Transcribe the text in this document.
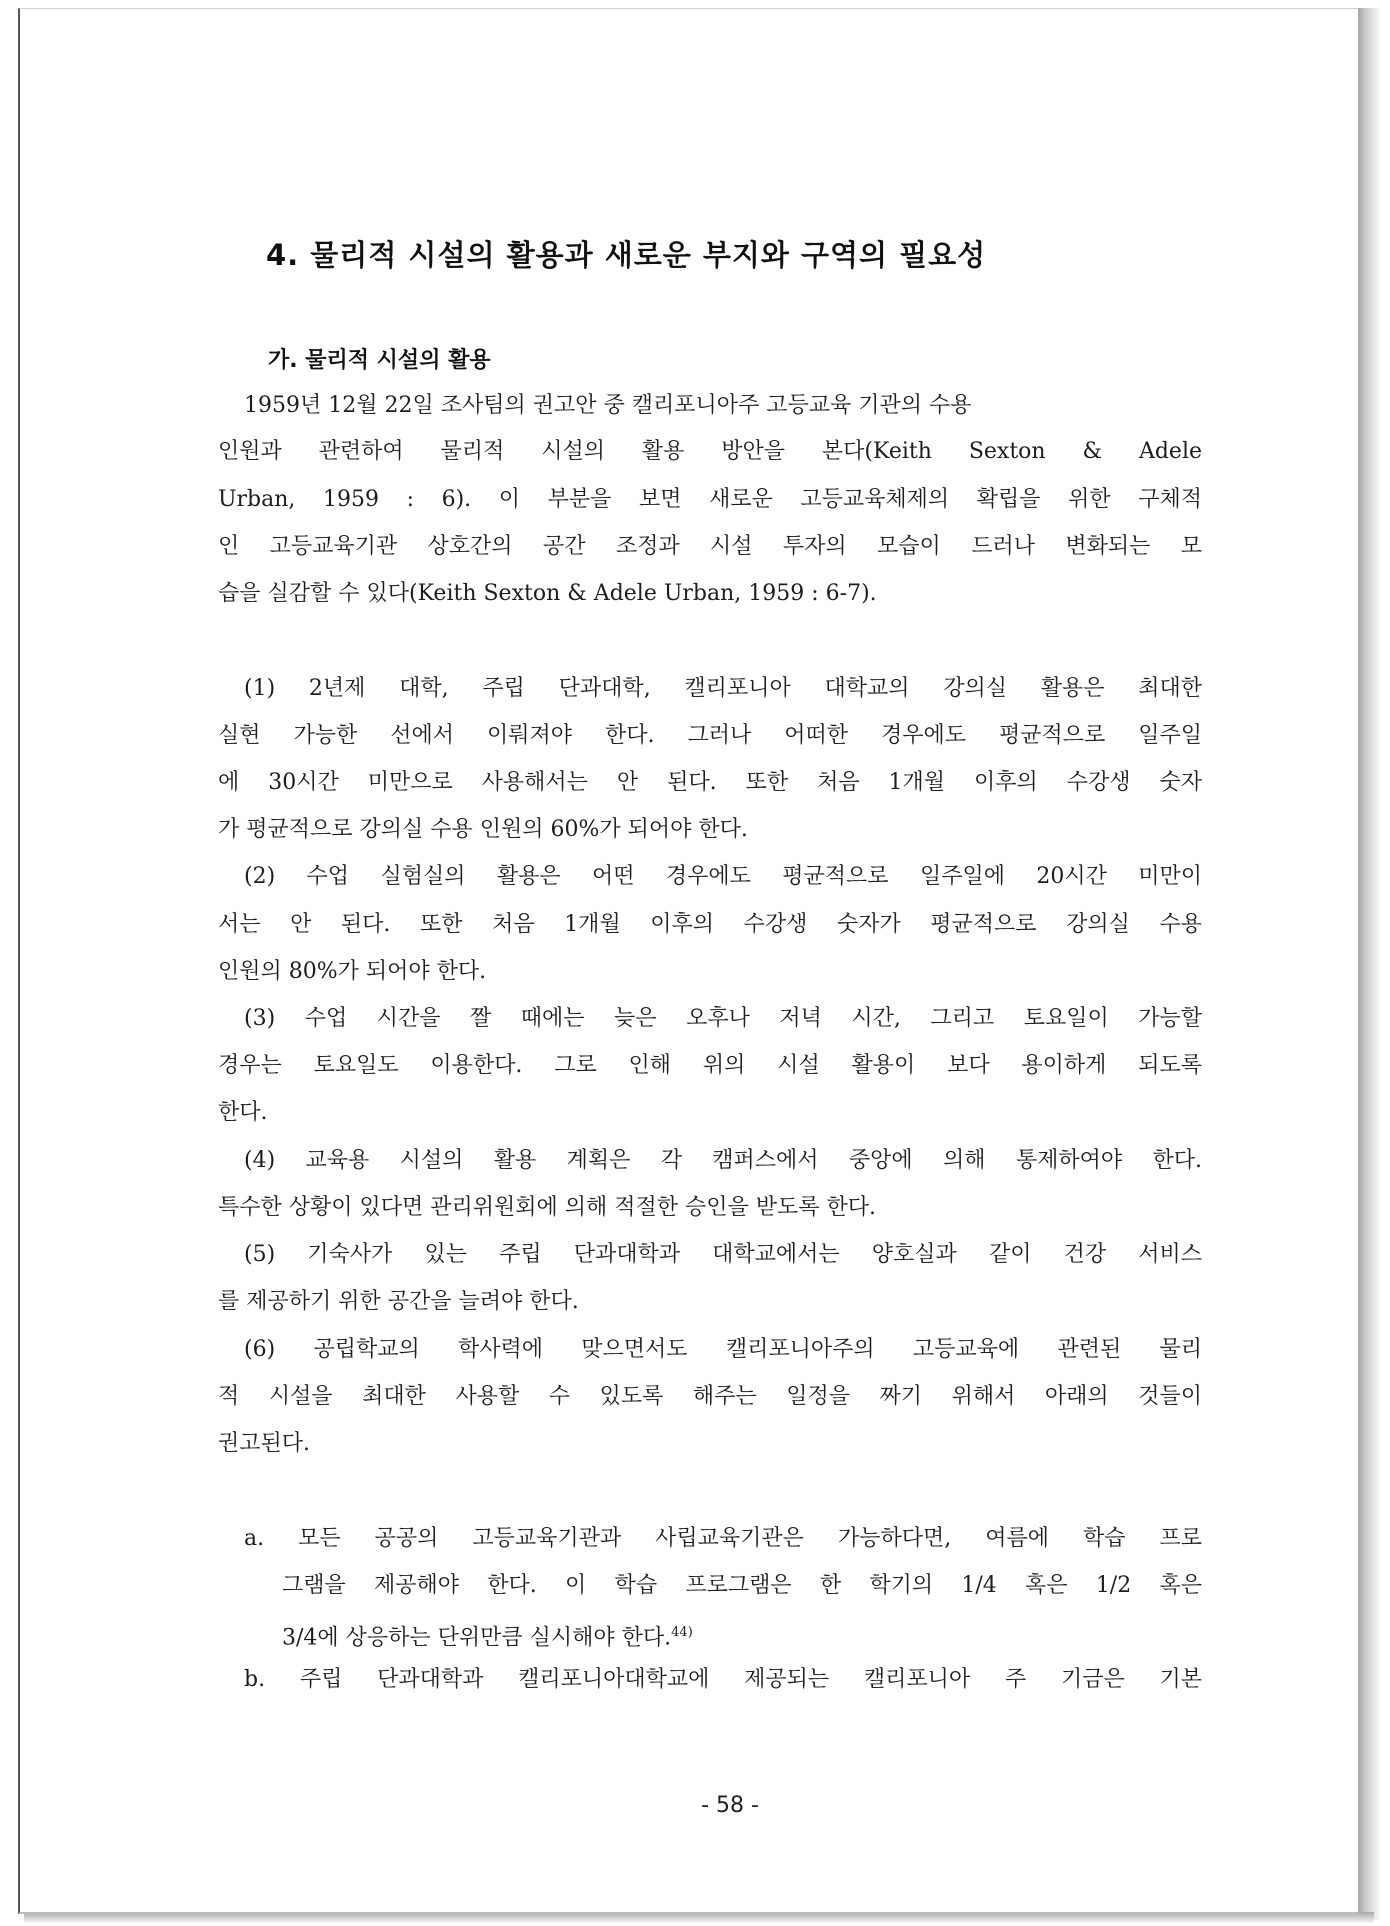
4. 물리적 시설의 활용과 새로운 부지와 구역의 필요성
가. 물리적 시설의 활용
1959년 12월 22일 조사팀의 권고안 중 캘리포니아주 고등교육 기관의 수용
인원과 관련하여 물리적 시설의 활용 방안을 본다(Keith Sexton & Adele
Urban, 1959 : 6). 이 부분을 보면 새로운 고등교육체제의 확립을 위한 구체적
인 고등교육기관 상호간의 공간 조정과 시설 투자의 모습이 드러나 변화되는 모
습을 실감할 수 있다(Keith Sexton & Adele Urban, 1959 : 6-7).
(1) 2년제 대학, 주립 단과대학, 캘리포니아 대학교의 강의실 활용은 최대한
실현 가능한 선에서 이뤄져야 한다. 그러나 어떠한 경우에도 평균적으로 일주일
에 30시간 미만으로 사용해서는 안 된다. 또한 처음 1개월 이후의 수강생 숫자
가 평균적으로 강의실 수용 인원의 60%가 되어야 한다.
(2) 수업 실험실의 활용은 어떤 경우에도 평균적으로 일주일에 20시간 미만이
서는 안 된다. 또한 처음 1개월 이후의 수강생 숫자가 평균적으로 강의실 수용
인원의 80%가 되어야 한다.
(3) 수업 시간을 짤 때에는 늦은 오후나 저녁 시간, 그리고 토요일이 가능할
경우는 토요일도 이용한다. 그로 인해 위의 시설 활용이 보다 용이하게 되도록
한다.
(4) 교육용 시설의 활용 계획은 각 캠퍼스에서 중앙에 의해 통제하여야 한다.
특수한 상황이 있다면 관리위원회에 의해 적절한 승인을 받도록 한다.
(5) 기숙사가 있는 주립 단과대학과 대학교에서는 양호실과 같이 건강 서비스
를 제공하기 위한 공간을 늘려야 한다.
(6) 공립학교의 학사력에 맞으면서도 캘리포니아주의 고등교육에 관련된 물리
적 시설을 최대한 사용할 수 있도록 해주는 일정을 짜기 위해서 아래의 것들이
권고된다.
a. 모든 공공의 고등교육기관과 사립교육기관은 가능하다면, 여름에 학습 프로
그램을 제공해야 한다. 이 학습 프로그램은 한 학기의 1/4 혹은 1/2 혹은
3/4에 상응하는 단위만큼 실시해야 한다.$^{44)}$
b. 주립 단과대학과 캘리포니아대학교에 제공되는 캘리포니아 주 기금은 기본
- 58 -
